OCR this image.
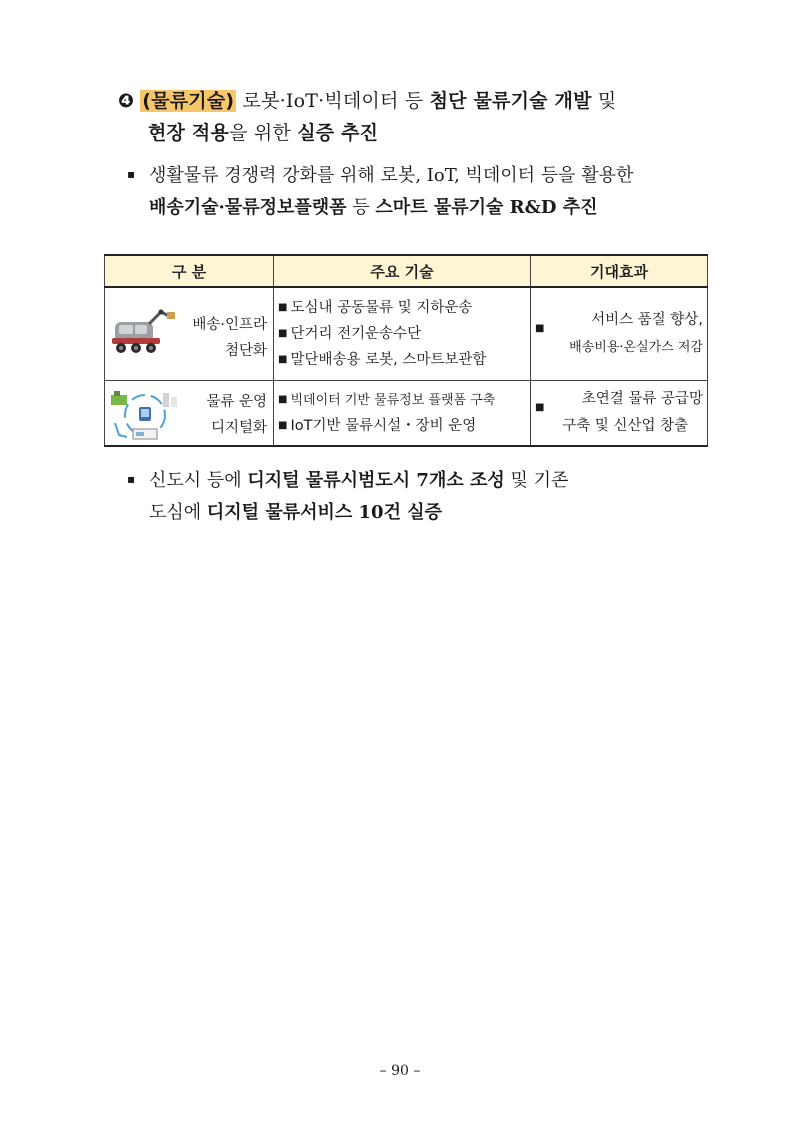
❹ (물류기술) 로봇·IoT·빅데이터 등 첨단 물류기술 개발 및
현장 적용을 위한 실증 추진
▪ 생활물류 경쟁력 강화를 위해 로봇, IoT, 빅데이터 등을 활용한
배송기술·물류정보플랫폼 등 스마트 물류기술 R&D 추진
구 분	주요 기술	기대효과

배송·인프라
첨단화	■ 도심내 공동물류 및 지하운송
■ 단거리 전기운송수단
■ 말단배송용 로봇, 스마트보관함	■
서비스 품질 향상,
배송비용·온실가스 저감

물류 운영
디지털화	■ 빅데이터 기반 물류정보 플랫폼 구축
■ IoT기반 물류시설・장비 운영	■
초연결 물류 공급망
구축 및 신산업 창출
▪ 신도시 등에 디지털 물류시범도시 7개소 조성 및 기존
도심에 디지털 물류서비스 10건 실증
– 90 –
